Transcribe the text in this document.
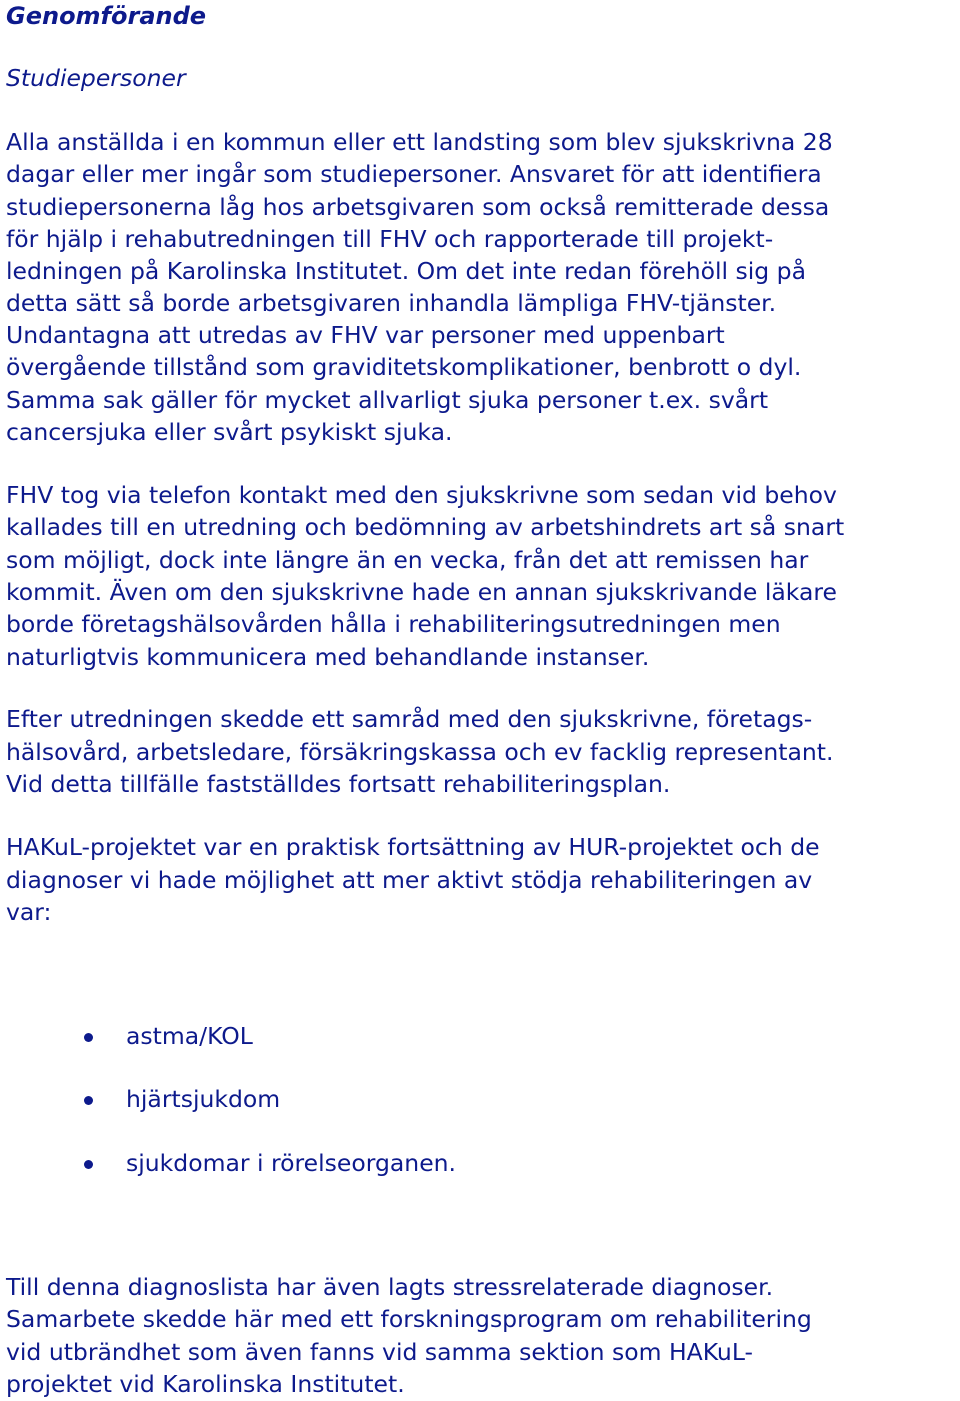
Genomförande
Studiepersoner
Alla anställda i en kommun eller ett landsting som blev sjukskrivna 28
dagar eller mer ingår som studiepersoner. Ansvaret för att identifiera
studiepersonerna låg hos arbetsgivaren som också remitterade dessa
för hjälp i rehabutredningen till FHV och rapporterade till projekt-
ledningen på Karolinska Institutet. Om det inte redan förehöll sig på
detta sätt så borde arbetsgivaren inhandla lämpliga FHV-tjänster.
Undantagna att utredas av FHV var personer med uppenbart
övergående tillstånd som graviditetskomplikationer, benbrott o dyl.
Samma sak gäller för mycket allvarligt sjuka personer t.ex. svårt
cancersjuka eller svårt psykiskt sjuka.
FHV tog via telefon kontakt med den sjukskrivne som sedan vid behov
kallades till en utredning och bedömning av arbetshindrets art så snart
som möjligt, dock inte längre än en vecka, från det att remissen har
kommit. Även om den sjukskrivne hade en annan sjukskrivande läkare
borde företagshälsovården hålla i rehabiliteringsutredningen men
naturligtvis kommunicera med behandlande instanser.
Efter utredningen skedde ett samråd med den sjukskrivne, företags-
hälsovård, arbetsledare, försäkringskassa och ev facklig representant.
Vid detta tillfälle fastställdes fortsatt rehabiliteringsplan.
HAKuL-projektet var en praktisk fortsättning av HUR-projektet och de
diagnoser vi hade möjlighet att mer aktivt stödja rehabiliteringen av
var:
astma/KOL
hjärtsjukdom
sjukdomar i rörelseorganen.
Till denna diagnoslista har även lagts stressrelaterade diagnoser.
Samarbete skedde här med ett forskningsprogram om rehabilitering
vid utbrändhet som även fanns vid samma sektion som HAKuL-
projektet vid Karolinska Institutet.
